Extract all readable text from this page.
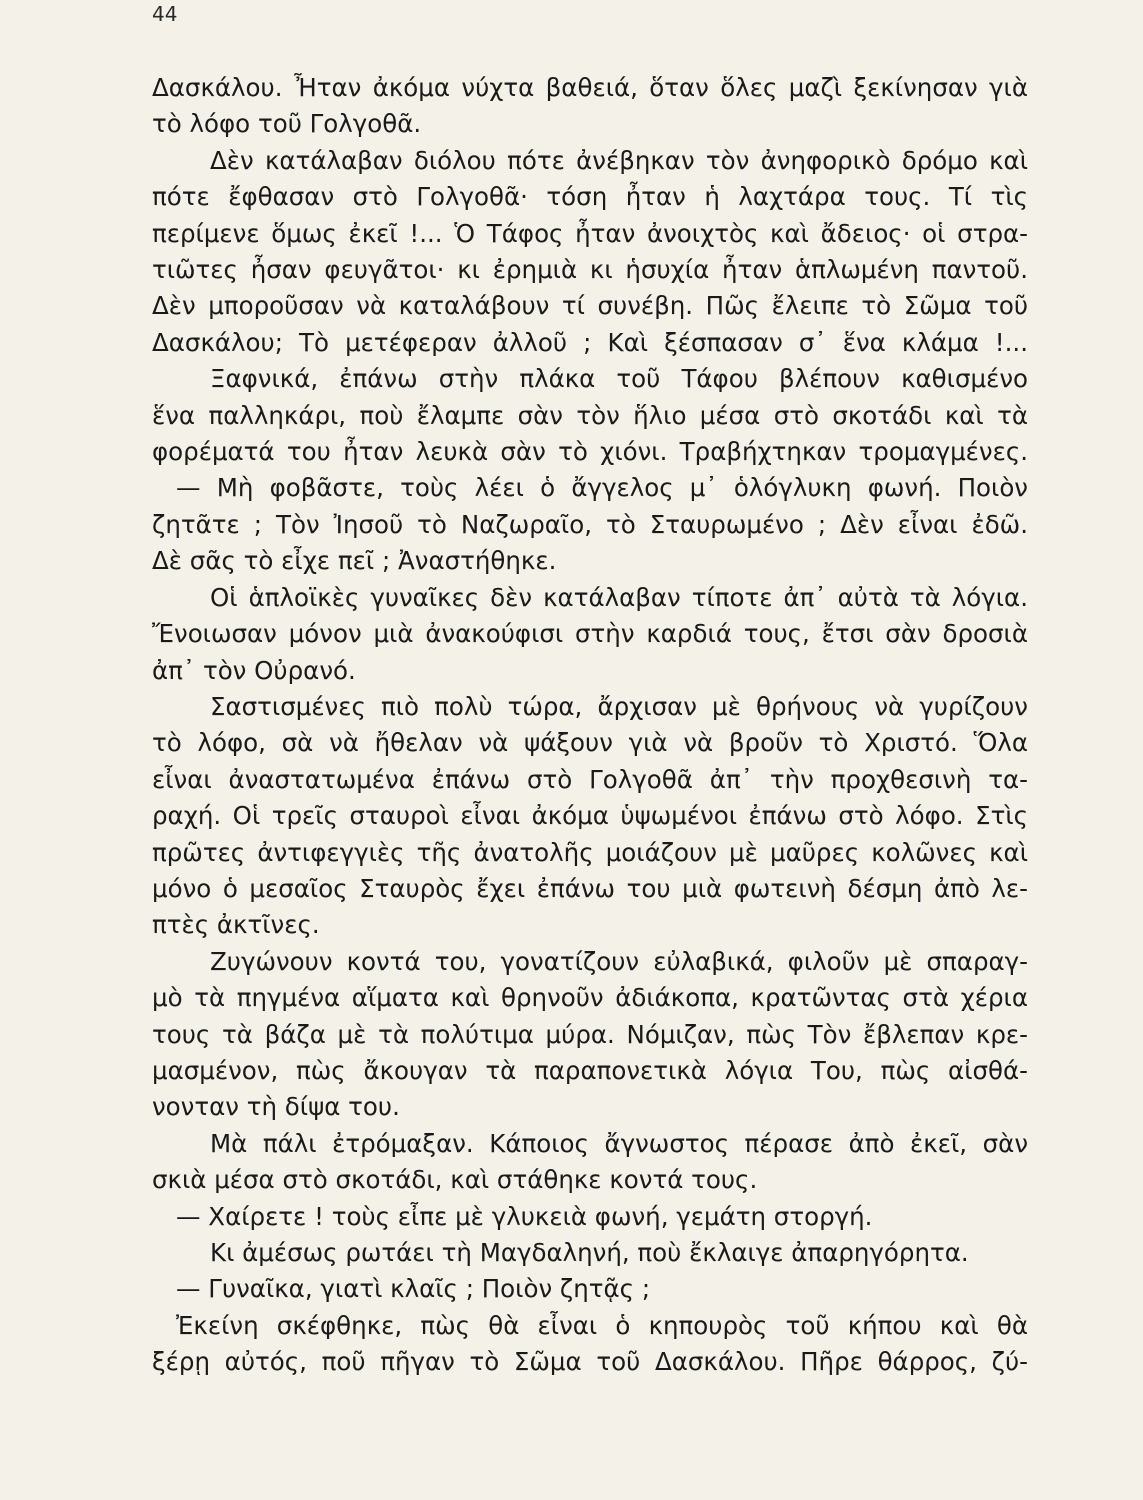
44
Δασκάλου. Ἦταν ἀκόμα νύχτα βαθειά, ὅταν ὅλες μαζὶ ξεκίνησαν γιὰ
τὸ λόφο τοῦ Γολγοθᾶ.
Δὲν κατάλαβαν διόλου πότε ἀνέβηκαν τὸν ἀνηφορικὸ δρόμο καὶ
πότε ἔφθασαν στὸ Γολγοθᾶ· τόση ἦταν ἡ λαχτάρα τους. Τί τὶς
περίμενε ὅμως ἐκεῖ !... Ὁ Τάφος ἦταν ἀνοιχτὸς καὶ ἄδειος· οἱ στρα-
τιῶτες ἦσαν φευγᾶτοι· κι ἐρημιὰ κι ἡσυχία ἦταν ἁπλωμένη παντοῦ.
Δὲν μποροῦσαν νὰ καταλάβουν τί συνέβη. Πῶς ἔλειπε τὸ Σῶμα τοῦ
Δασκάλου; Τὸ μετέφεραν ἀλλοῦ ; Καὶ ξέσπασαν σ᾽ ἕνα κλάμα !...
Ξαφνικά, ἐπάνω στὴν πλάκα τοῦ Τάφου βλέπουν καθισμένο
ἕνα παλληκάρι, ποὺ ἔλαμπε σὰν τὸν ἥλιο μέσα στὸ σκοτάδι καὶ τὰ
φορέματά του ἦταν λευκὰ σὰν τὸ χιόνι. Τραβήχτηκαν τρομαγμένες.
— Μὴ φοβᾶστε, τοὺς λέει ὁ ἄγγελος μ᾽ ὁλόγλυκη φωνή. Ποιὸν
ζητᾶτε ; Τὸν Ἰησοῦ τὸ Ναζωραῖο, τὸ Σταυρωμένο ; Δὲν εἶναι ἐδῶ.
Δὲ σᾶς τὸ εἶχε πεῖ ; Ἀναστήθηκε.
Οἱ ἁπλοϊκὲς γυναῖκες δὲν κατάλαβαν τίποτε ἀπ᾽ αὐτὰ τὰ λόγια.
Ἔνοιωσαν μόνον μιὰ ἀνακούφισι στὴν καρδιά τους, ἔτσι σὰν δροσιὰ
ἀπ᾽ τὸν Οὐρανό.
Σαστισμένες πιὸ πολὺ τώρα, ἄρχισαν μὲ θρήνους νὰ γυρίζουν
τὸ λόφο, σὰ νὰ ἤθελαν νὰ ψάξουν γιὰ νὰ βροῦν τὸ Χριστό. Ὅλα
εἶναι ἀναστατωμένα ἐπάνω στὸ Γολγοθᾶ ἀπ᾽ τὴν προχθεσινὴ τα-
ραχή. Οἱ τρεῖς σταυροὶ εἶναι ἀκόμα ὑψωμένοι ἐπάνω στὸ λόφο. Στὶς
πρῶτες ἀντιφεγγιὲς τῆς ἀνατολῆς μοιάζουν μὲ μαῦρες κολῶνες καὶ
μόνο ὁ μεσαῖος Σταυρὸς ἔχει ἐπάνω του μιὰ φωτεινὴ δέσμη ἀπὸ λε-
πτὲς ἀκτῖνες.
Ζυγώνουν κοντά του, γονατίζουν εὐλαβικά, φιλοῦν μὲ σπαραγ-
μὸ τὰ πηγμένα αἵματα καὶ θρηνοῦν ἀδιάκοπα, κρατῶντας στὰ χέρια
τους τὰ βάζα μὲ τὰ πολύτιμα μύρα. Νόμιζαν, πὼς Τὸν ἔβλεπαν κρε-
μασμένον, πὼς ἄκουγαν τὰ παραπονετικὰ λόγια Του, πὼς αἰσθά-
νονταν τὴ δίψα του.
Μὰ πάλι ἐτρόμαξαν. Κάποιος ἄγνωστος πέρασε ἀπὸ ἐκεῖ, σὰν
σκιὰ μέσα στὸ σκοτάδι, καὶ στάθηκε κοντά τους.
— Χαίρετε ! τοὺς εἶπε μὲ γλυκειὰ φωνή, γεμάτη στοργή.
Κι ἀμέσως ρωτάει τὴ Μαγδαληνή, ποὺ ἔκλαιγε ἀπαρηγόρητα.
— Γυναῖκα, γιατὶ κλαῖς ; Ποιὸν ζητᾷς ;
Ἐκείνη σκέφθηκε, πὼς θὰ εἶναι ὁ κηπουρὸς τοῦ κήπου καὶ θὰ
ξέρῃ αὐτός, ποῦ πῆγαν τὸ Σῶμα τοῦ Δασκάλου. Πῆρε θάρρος, ζύ-
